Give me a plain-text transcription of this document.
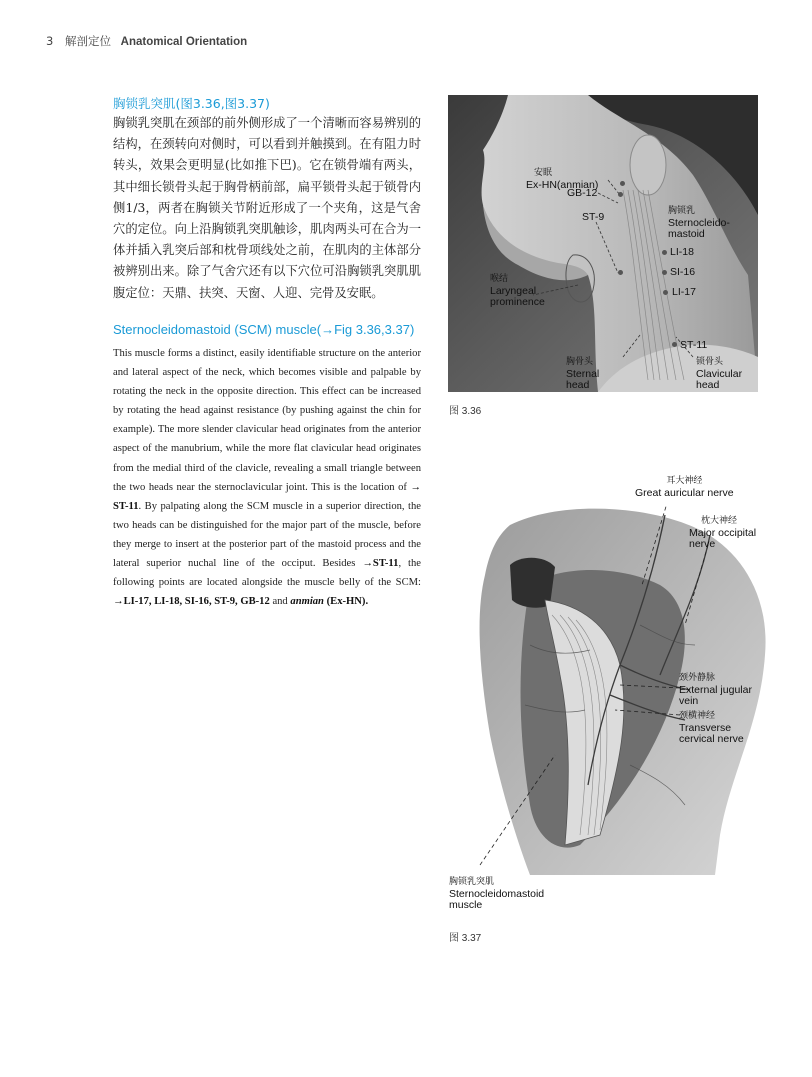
3 解剖定位 Anatomical Orientation
胸锁乳突肌(图3.36,图3.37)
胸锁乳突肌在颈部的前外侧形成了一个清晰而容易辨别的结构，在颈转向对侧时，可以看到并触摸到。在有阻力时转头，效果会更明显(比如推下巴)。它在锁骨端有两头，其中细长锁骨头起于胸骨柄前部，扁平锁骨头起于锁骨内侧1/3，两者在胸锁关节附近形成了一个夹角，这是气舍穴的定位。向上沿胸锁乳突肌触诊，肌肉两头可在合为一体并插入乳突后部和枕骨项线处之前，在肌肉的主体部分被辨别出来。除了气舍穴还有以下穴位可沿胸锁乳突肌肌腹定位：天鼎、扶突、天窗、人迎、完骨及安眠。
Sternocleidomastoid (SCM) muscle(→Fig 3.36,3.37)
This muscle forms a distinct, easily identifiable structure on the anterior and lateral aspect of the neck, which becomes visible and palpable by rotating the neck in the opposite direction. This effect can be increased by rotating the head against resistance (by pushing against the chin for example). The more slender clavicular head originates from the anterior aspect of the manubrium, while the more flat clavicular head originates from the medial third of the clavicle, revealing a small triangle between the two heads near the sternoclavicular joint. This is the location of → ST-11. By palpating along the SCM muscle in a superior direction, the two heads can be distinguished for the major part of the muscle, before they merge to insert at the posterior part of the mastoid process and the lateral superior nuchal line of the occiput. Besides →ST-11, the following points are located alongside the muscle belly of the SCM: →LI-17, LI-18, SI-16, ST-9, GB-12 and anmian (Ex-HN).
安眠
Ex-HN(anmian)
GB-12
ST-9	胸锁乳
Sternocleido-
mastoid
LI-18
SI-16
LI-17
喉结
Laryngeal
prominence
ST-11
胸骨头
Sternal
head
锁骨头
Clavicular
head
图 3.36
耳大神经
Great auricular nerve
枕大神经
Major occipital
nerve
颈外静脉
External jugular
vein
颈横神经
Transverse
cervical nerve
胸锁乳突肌
Sternocleidomastoid
muscle
图 3.37
